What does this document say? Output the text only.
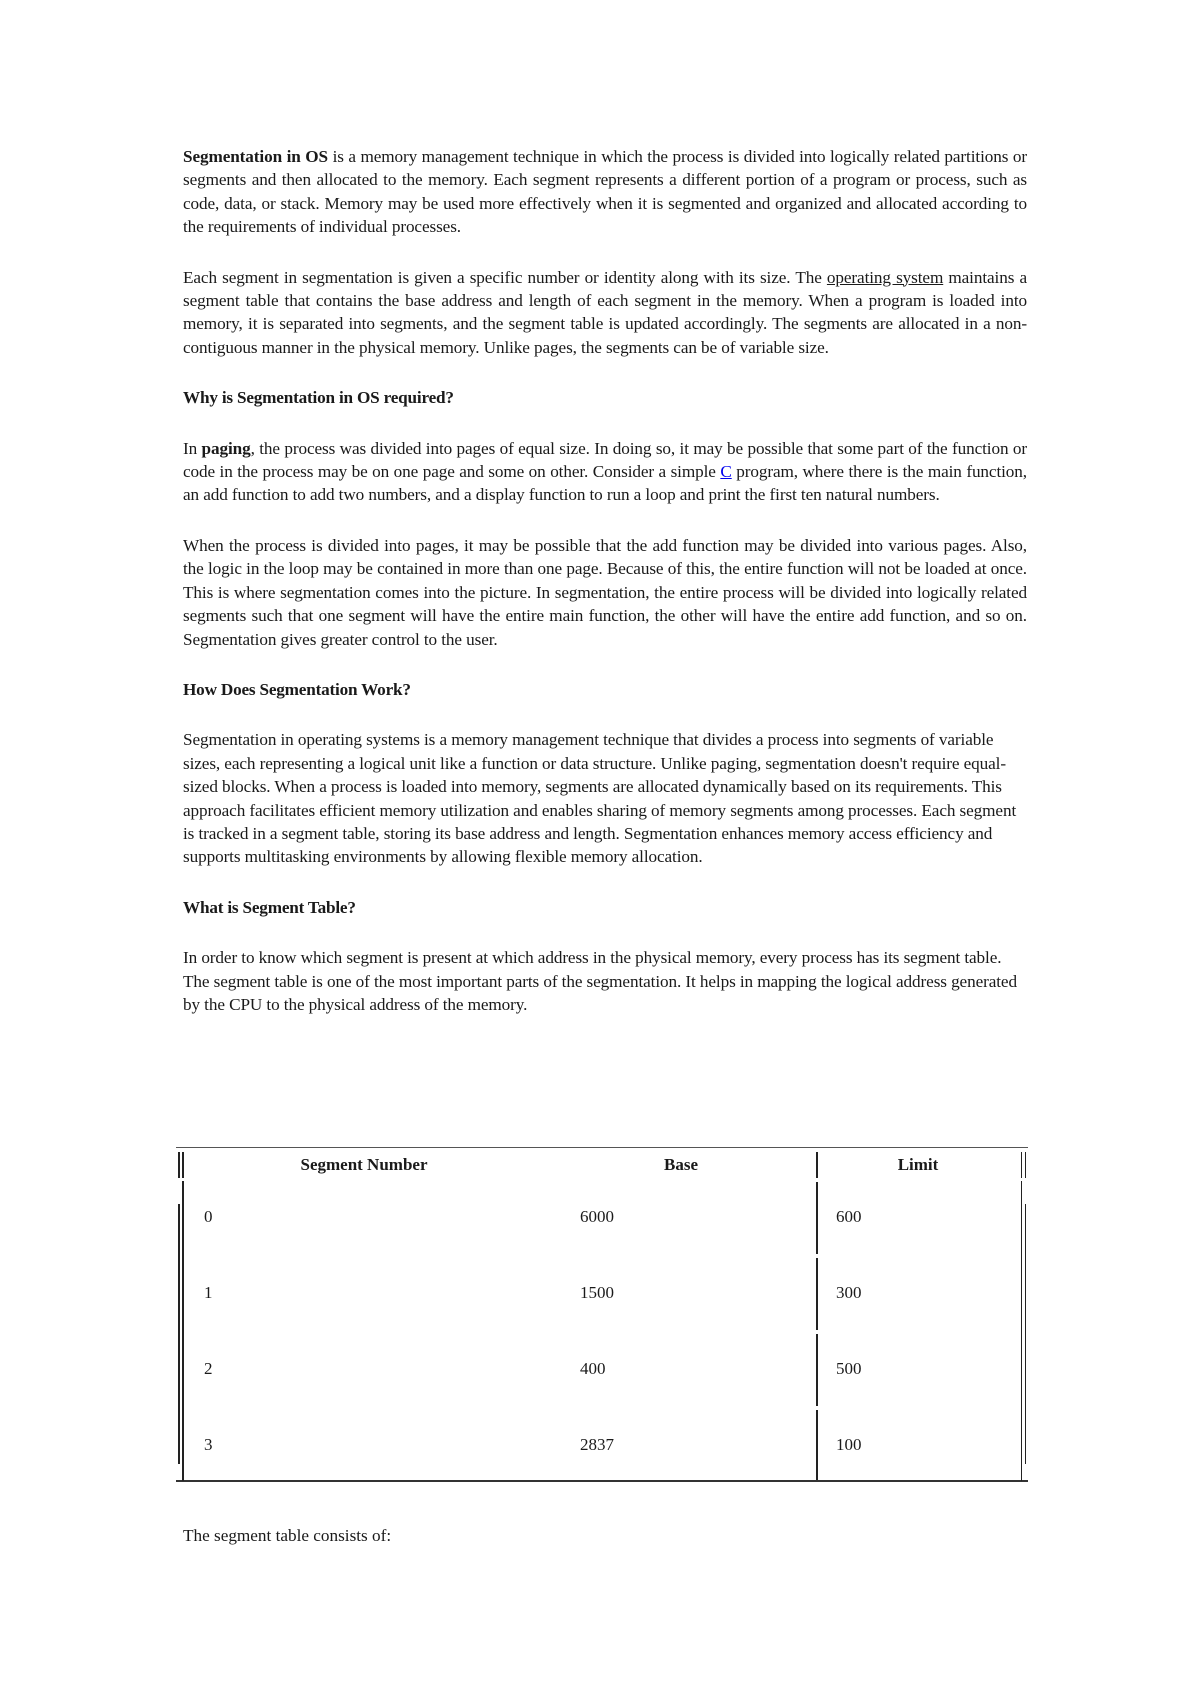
Segmentation in OS is a memory management technique in which the process is divided into logically related partitions or segments and then allocated to the memory. Each segment represents a different portion of a program or process, such as code, data, or stack. Memory may be used more effectively when it is segmented and organized and allocated according to the requirements of individual processes.

Each segment in segmentation is given a specific number or identity along with its size. The operating system maintains a segment table that contains the base address and length of each segment in the memory. When a program is loaded into memory, it is separated into segments, and the segment table is updated accordingly. The segments are allocated in a non-contiguous manner in the physical memory. Unlike pages, the segments can be of variable size.

Why is Segmentation in OS required?

In paging, the process was divided into pages of equal size. In doing so, it may be possible that some part of the function or code in the process may be on one page and some on other. Consider a simple C program, where there is the main function, an add function to add two numbers, and a display function to run a loop and print the first ten natural numbers.

When the process is divided into pages, it may be possible that the add function may be divided into various pages. Also, the logic in the loop may be contained in more than one page. Because of this, the entire function will not be loaded at once. This is where segmentation comes into the picture. In segmentation, the entire process will be divided into logically related segments such that one segment will have the entire main function, the other will have the entire add function, and so on. Segmentation gives greater control to the user.

How Does Segmentation Work?

Segmentation in operating systems is a memory management technique that divides a process into segments of variable sizes, each representing a logical unit like a function or data structure. Unlike paging, segmentation doesn't require equal-sized blocks. When a process is loaded into memory, segments are allocated dynamically based on its requirements. This approach facilitates efficient memory utilization and enables sharing of memory segments among processes. Each segment is tracked in a segment table, storing its base address and length. Segmentation enhances memory access efficiency and supports multitasking environments by allowing flexible memory allocation.

What is Segment Table?

In order to know which segment is present at which address in the physical memory, every process has its segment table. The segment table is one of the most important parts of the segmentation. It helps in mapping the logical address generated by the CPU to the physical address of the memory.

Segment Number	Base	Limit
0	6000	600
1	1500	300
2	400	500
3	2837	100

The segment table consists of:
